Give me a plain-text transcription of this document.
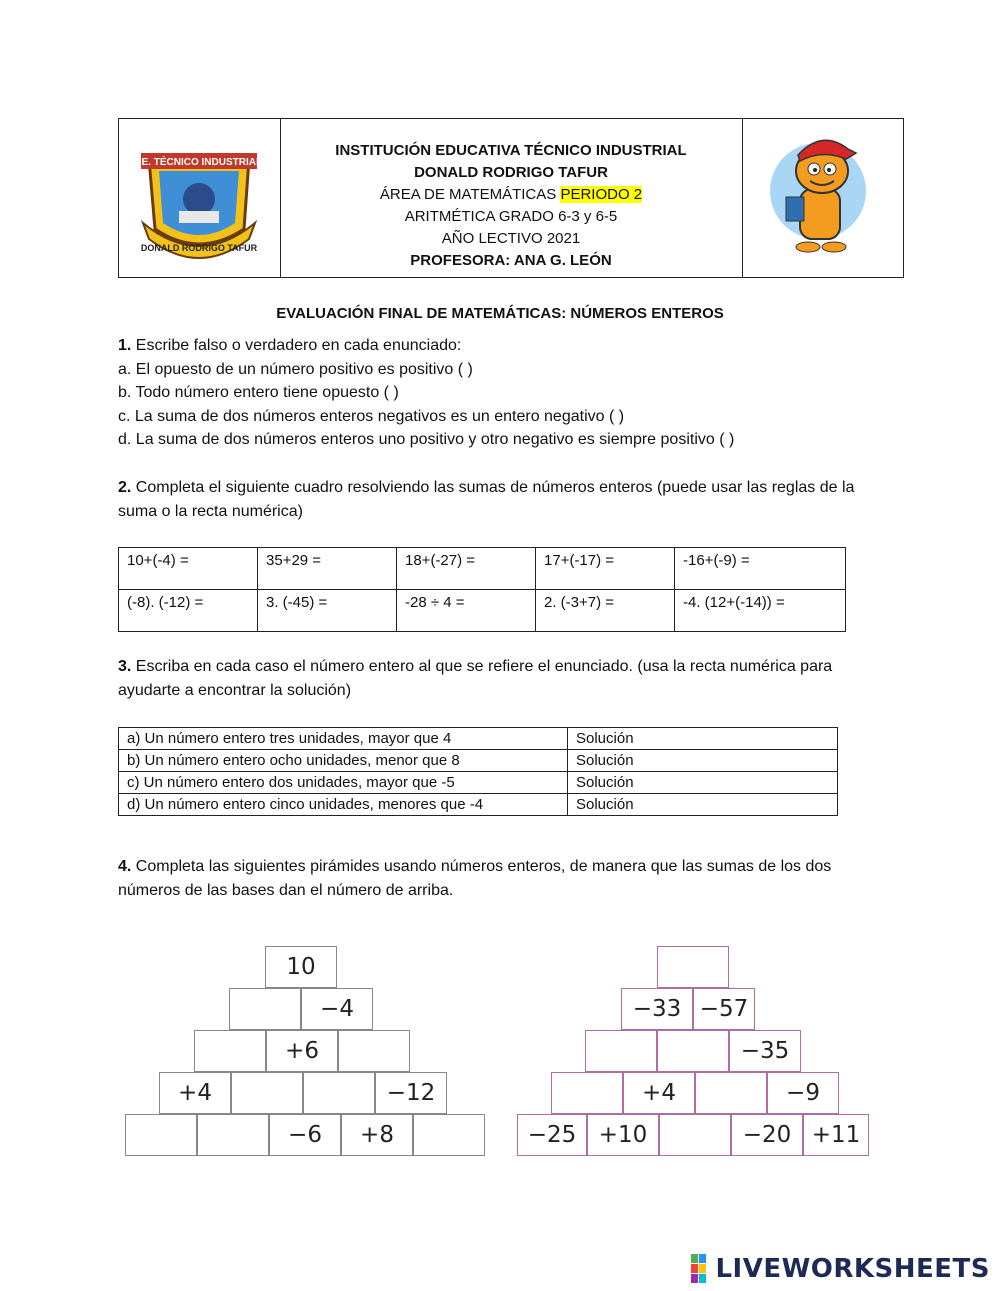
I.E. TÉCNICO INDUSTRIAL
DONALD RODRIGO TAFUR
INSTITUCIÓN EDUCATIVA TÉCNICO INDUSTRIAL
DONALD RODRIGO TAFUR
ÁREA DE MATEMÁTICAS PERIODO 2
ARITMÉTICA GRADO 6-3 y 6-5
AÑO LECTIVO 2021
PROFESORA: ANA G. LEÓN
EVALUACIÓN FINAL DE MATEMÁTICAS: NÚMEROS ENTEROS
1. Escribe falso o verdadero en cada enunciado:
a. El opuesto de un número positivo es positivo ( )
b. Todo número entero tiene opuesto ( )
c. La suma de dos números enteros negativos es un entero negativo ( )
d. La suma de dos números enteros uno positivo y otro negativo es siempre positivo ( )
2. Completa el siguiente cuadro resolviendo las sumas de números enteros (puede usar las reglas de la suma o la recta numérica)
10+(-4) =	35+29 =	18+(-27) =	17+(-17) =	-16+(-9) =
(-8). (-12) =	3. (-45) =	-28 ÷ 4 =	2. (-3+7) =	-4. (12+(-14)) =
3. Escriba en cada caso el número entero al que se refiere el enunciado. (usa la recta numérica para ayudarte a encontrar la solución)
a) Un número entero tres unidades, mayor que 4	Solución
b) Un número entero ocho unidades, menor que 8	Solución
c) Un número entero dos unidades, mayor que -5	Solución
d) Un número entero cinco unidades, menores que -4	Solución
4. Completa las siguientes pirámides usando números enteros, de manera que las sumas de los dos números de las bases dan el número de arriba.
10
−4
+6
+4	−12
−6	+8
−33 −57
−35
+4	−9
−25 +10	−20 +11
LIVEWORKSHEETS
